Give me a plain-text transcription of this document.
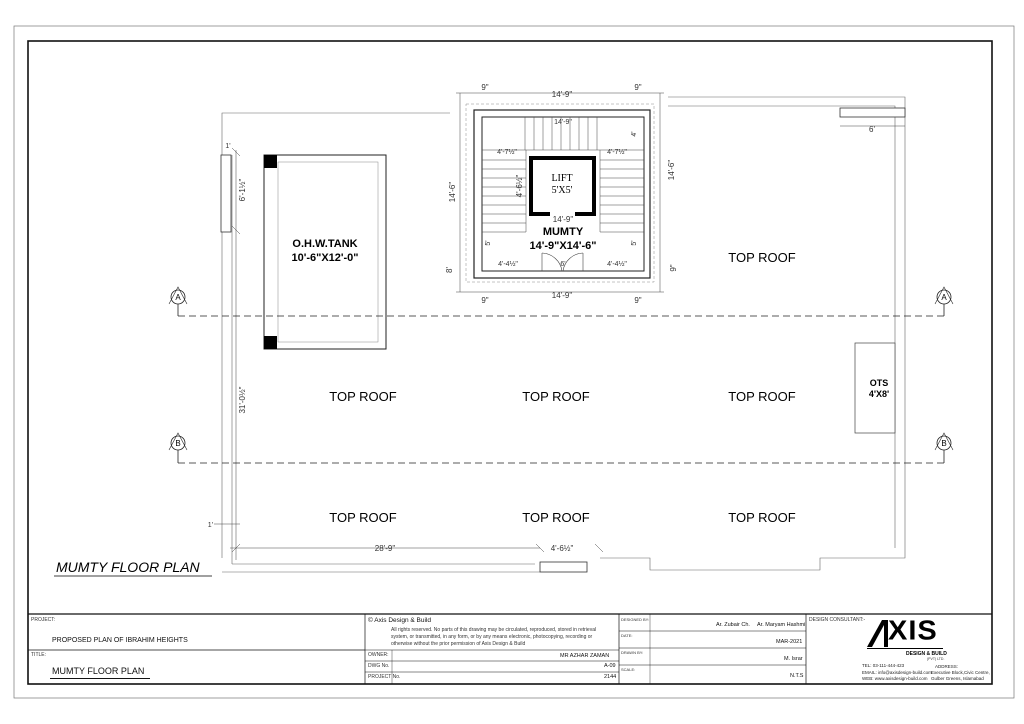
6'-1½"
31'-0½"
1'
1'
28'-9"	4'-6½"
6'
O.H.W.TANK
10'-6"X12'-0"
LIFT
5'X5'
MUMTY
14'-9"X14'-6"
14'-9"
14'-9"
9"	9"
9"	9"
14'-6"
14'-6"
8'	9"
14'-9"
4'-7½"	4'-7½"
14'-9"
4'-6½"
4'-4½"	4'-4½"
6'
5'	5'
4'
OTS
4'X8'
TOP ROOF
TOP ROOF	TOP ROOF	TOP ROOF
TOP ROOF	TOP ROOF	TOP ROOF
A	A
B	B
MUMTY FLOOR PLAN
PROJECT:
PROPOSED PLAN OF IBRAHIM HEIGHTS
TITLE:
MUMTY FLOOR PLAN
© Axis Design & Build
All rights reserved. No parts of this drawing may be circulated, reproduced, stored in retrieval
system, or transmitted, in any form, or by any means electronic, photocopying, recording or
otherwise without the prior permission of Axis Design & Build
OWNER:	MR AZHAR ZAMAN
DWG No.	A-09
PROJECT No.	2144
DESIGNED BY:
Ar. Zubair Ch. Ar. Maryam Hashmi
DATE:
MAR-2021
DRAWN BY:
M. Israr
SCALE:
N.T.S
DESIGN CONSULTANT:- XIS
DESIGN & BUILD
(PVT) LTD.
TEL: 03-111-444-423
EMAIL: info@axisdesign-build.com
WEB: www.axisdesign-build.com
ADDRESS:
Executive Block,Civic Centre,
Gulber Greens, Islamabad
